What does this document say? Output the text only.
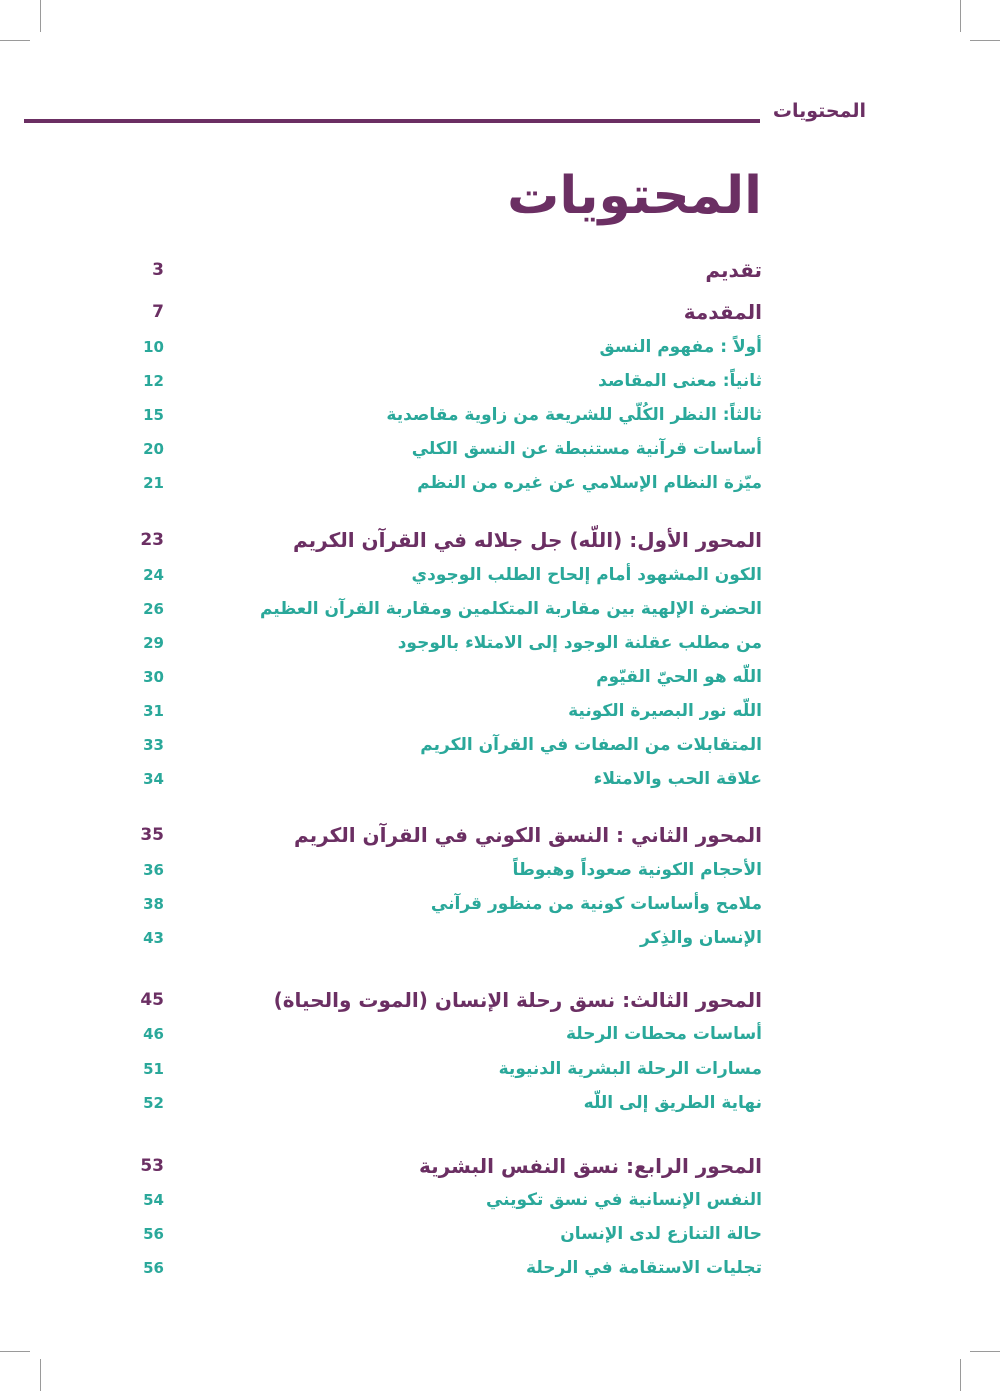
المحتويات
المحتويات
تقديم
3
المقدمة
7
أولاً : مفهوم النسق
10
ثانياً: معنى المقاصد
12
ثالثاً: النظر الكُلّي للشريعة من زاوية مقاصدية
15
أساسات قرآنية مستنبطة عن النسق الكلي
20
ميّزة النظام الإسلامي عن غيره من النظم
21
المحور الأول: (اللّه) جل جلاله في القرآن الكريم
23
الكون المشهود أمام إلحاح الطلب الوجودي
24
الحضرة الإلهية بين مقاربة المتكلمين ومقاربة القرآن العظيم
26
من مطلب عقلنة الوجود إلى الامتلاء بالوجود
29
اللّه هو الحيّ القيّوم
30
اللّه نور البصيرة الكونية
31
المتقابلات من الصفات في القرآن الكريم
33
علاقة الحب والامتلاء
34
المحور الثاني : النسق الكوني في القرآن الكريم
35
الأحجام الكونية صعوداً وهبوطاً
36
ملامح وأساسات كونية من منظور قرآني
38
الإنسان والذِكر
43
المحور الثالث: نسق رحلة الإنسان (الموت والحياة)
45
أساسات محطات الرحلة
46
مسارات الرحلة البشرية الدنيوية
51
نهاية الطريق إلى اللّه
52
المحور الرابع: نسق النفس البشرية
53
النفس الإنسانية في نسق تكويني
54
حالة التنازع لدى الإنسان
56
تجليات الاستقامة في الرحلة
56
